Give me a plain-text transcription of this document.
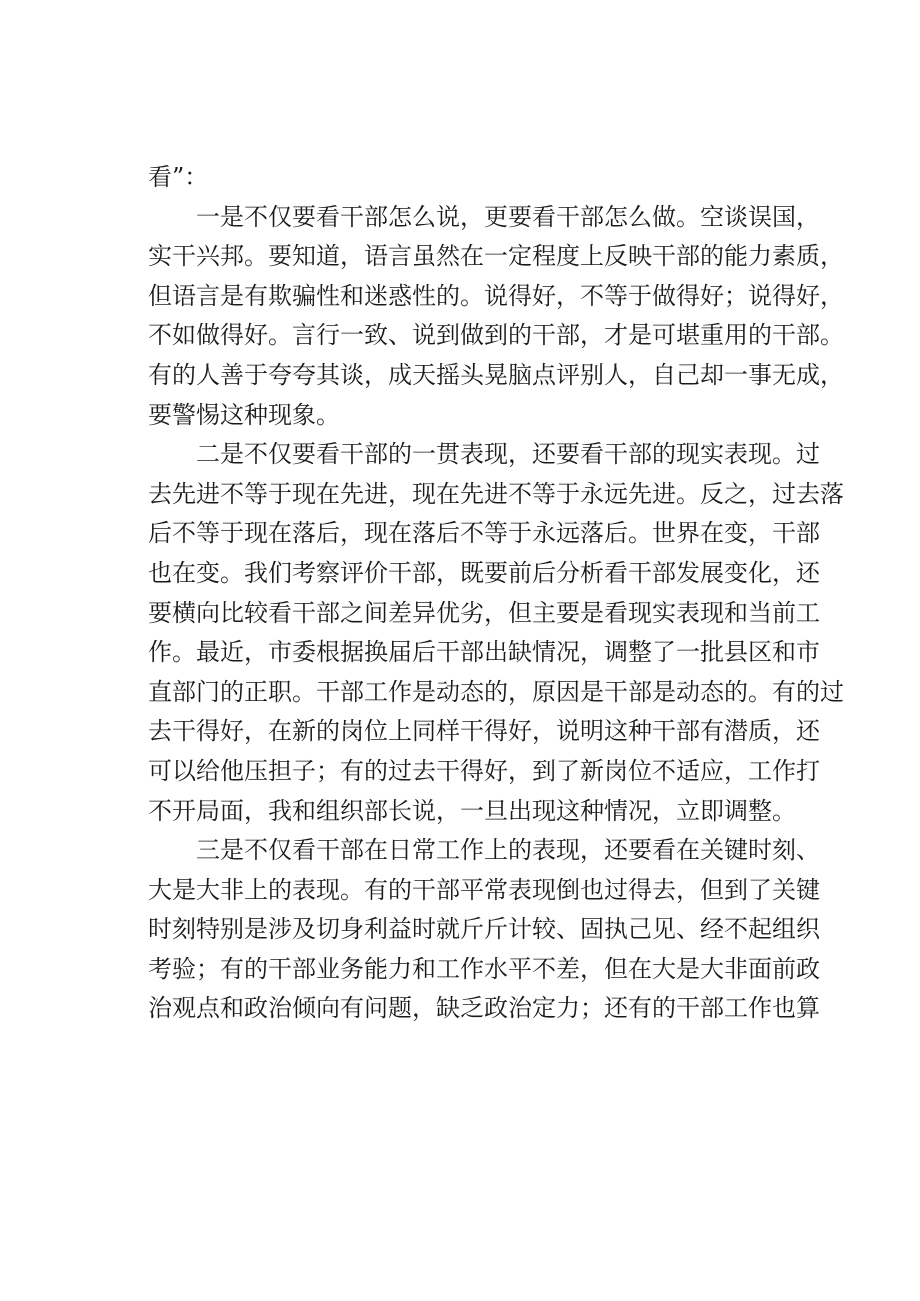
看”：
一是不仅要看干部怎么说，更要看干部怎么做。空谈误国，
实干兴邦。要知道，语言虽然在一定程度上反映干部的能力素质，
但语言是有欺骗性和迷惑性的。说得好，不等于做得好；说得好，
不如做得好。言行一致、说到做到的干部，才是可堪重用的干部。
有的人善于夸夸其谈，成天摇头晃脑点评别人，自己却一事无成，
要警惕这种现象。
二是不仅要看干部的一贯表现，还要看干部的现实表现。过
去先进不等于现在先进，现在先进不等于永远先进。反之，过去落
后不等于现在落后，现在落后不等于永远落后。世界在变，干部
也在变。我们考察评价干部，既要前后分析看干部发展变化，还
要横向比较看干部之间差异优劣，但主要是看现实表现和当前工
作。最近，市委根据换届后干部出缺情况，调整了一批县区和市
直部门的正职。干部工作是动态的，原因是干部是动态的。有的过
去干得好，在新的岗位上同样干得好，说明这种干部有潜质，还
可以给他压担子；有的过去干得好，到了新岗位不适应，工作打
不开局面，我和组织部长说，一旦出现这种情况，立即调整。
三是不仅看干部在日常工作上的表现，还要看在关键时刻、
大是大非上的表现。有的干部平常表现倒也过得去，但到了关键
时刻特别是涉及切身利益时就斤斤计较、固执己见、经不起组织
考验；有的干部业务能力和工作水平不差，但在大是大非面前政
治观点和政治倾向有问题，缺乏政治定力；还有的干部工作也算
